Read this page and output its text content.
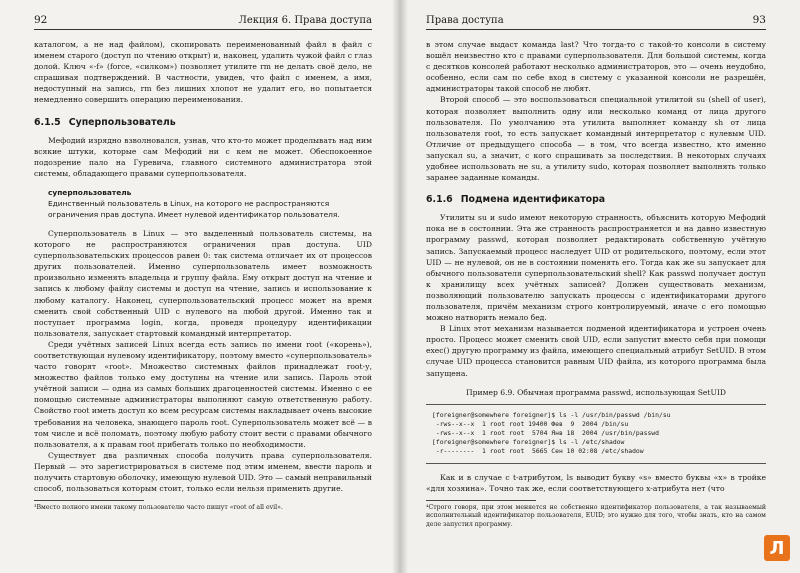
92	Лекция 6. Права доступа

каталогом, а не над файлом), скопировать переименованный файл в файл с именем старого (доступ по чтению открыт) и, наконец, удалить чужой файл с глаз долой. Ключ «-f» (force, «силком») позволяет утилите rm не делать своё дело, не спрашивая подтверждений. В частности, увидев, что файл с именем, а имя, недоступный на запись, rm без лишних хлопот не удалит его, но попытается немедленно совершить операцию переименования.

6.1.5 Суперпользователь

Мефодий изрядно взволновался, узнав, что кто-то может проделывать над ним всякие штуки, которые сам Мефодий ни с кем не может. Обеспокоенное подозрение пало на Гуревича, главного системного администратора этой системы, обладающего правами суперпользователя.

суперпользователь
Единственный пользователь в Linux, на которого не распространяются ограничения прав доступа. Имеет нулевой идентификатор пользователя.

Суперпользователь в Linux — это выделенный пользователь системы, на которого не распространяются ограничения прав доступа. UID суперпользовательских процессов равен 0: так система отличает их от процессов других пользователей. Именно суперпользователь имеет возможность произвольно изменять владельца и группу файла. Ему открыт доступ на чтение и запись к любому файлу системы и доступ на чтение, запись и использование к любому каталогу. Наконец, суперпользовательский процесс может на время сменить свой собственный UID с нулевого на любой другой. Именно так и поступает программа login, когда, проведя процедуру идентификации пользователя, запускает стартовый командный интерпретатор.

Среди учётных записей Linux всегда есть запись по имени root («корень»), соответствующая нулевому идентификатору, поэтому вместо «суперпользователь» часто говорят «root». Множество системных файлов принадлежат root-у, множество файлов только ему доступны на чтение или запись. Пароль этой учётной записи — одна из самых больших драгоценностей системы. Именно с ее помощью системные администраторы выполняют самую ответственную работу. Свойство root иметь доступ ко всем ресурсам системы накладывает очень высокие требования на человека, знающего пароль root. Суперпользователь может всё — в том числе и всё поломать, поэтому любую работу стоит вести с правами обычного пользователя, а к правам root прибегать только по необходимости.

Существует два различных способа получить права суперпользователя. Первый — это зарегистрироваться в системе под этим именем, ввести пароль и получить стартовую оболочку, имеющую нулевой UID. Это — самый неправильный способ, пользоваться которым стоит, только если нельзя применить другие.

³Вместо полного имени такому пользователю часто пишут «root of all evil».

Права доступа	93

в этом случае выдаст команда last? Что тогда-то с такой-то консоли в систему вошёл неизвестно кто с правами суперпользователя. Для большой системы, когда с десятков консолей работают несколько администраторов, это — очень неудобно, особенно, если сам по себе вход в систему с указанной консоли не разрешён, администраторы такой способ не любят.

Второй способ — это воспользоваться специальной утилитой su (shell of user), которая позволяет выполнить одну или несколько команд от лица другого пользователя. По умолчанию эта утилита выполняет команду sh от лица пользователя root, то есть запускает командный интерпретатор с нулевым UID. Отличие от предыдущего способа — в том, что всегда известно, кто именно запускал su, а значит, с кого спрашивать за последствия. В некоторых случаях удобнее использовать не su, а утилиту sudo, которая позволяет выполнять только заранее заданные команды.

6.1.6 Подмена идентификатора

Утилиты su и sudo имеют некоторую странность, объяснить которую Мефодий пока не в состоянии. Эта же странность распространяется и на давно известную программу passwd, которая позволяет редактировать собственную учётную запись. Запускаемый процесс наследует UID от родительского, поэтому, если этот UID — не нулевой, он не в состоянии поменять его. Тогда как же su запускает для обычного пользователя суперпользовательский shell? Как passwd получает доступ к хранилищу всех учётных записей? Должен существовать механизм, позволяющий пользователю запускать процессы с идентификаторами другого пользователя, причём механизм строго контролируемый, иначе с его помощью можно натворить немало бед.

В Linux этот механизм называется подменой идентификатора и устроен очень просто. Процесс может сменить свой UID, если запустит вместо себя при помощи exec() другую программу из файла, имеющего специальный атрибут SetUID. В этом случае UID процесса становится равным UID файла, из которого программа была запущена.

Пример 6.9. Обычная программа passwd, использующая SetUID
[foreigner@somewhere foreigner]$ ls -l /usr/bin/passwd /bin/su
-rws--x--x  1 root root 19400 Фев  9  2004 /bin/su
-rws--x--x  1 root root  5704 Янв 18  2004 /usr/bin/passwd
[foreigner@somewhere foreigner]$ ls -l /etc/shadow
-r--------  1 root root  5665 Сен 10 02:08 /etc/shadow

Как и в случае с t-атрибутом, ls выводит букву «s» вместо буквы «x» в тройке «для хозяина». Точно так же, если соответствующего x-атрибута нет (что

⁴Строго говоря, при этом меняется не собственно идентификатор пользователя, а так называемый исполнительный идентификатор пользователя, EUID; это нужно для того, чтобы знать, кто на самом деле запустил программу.

Л
